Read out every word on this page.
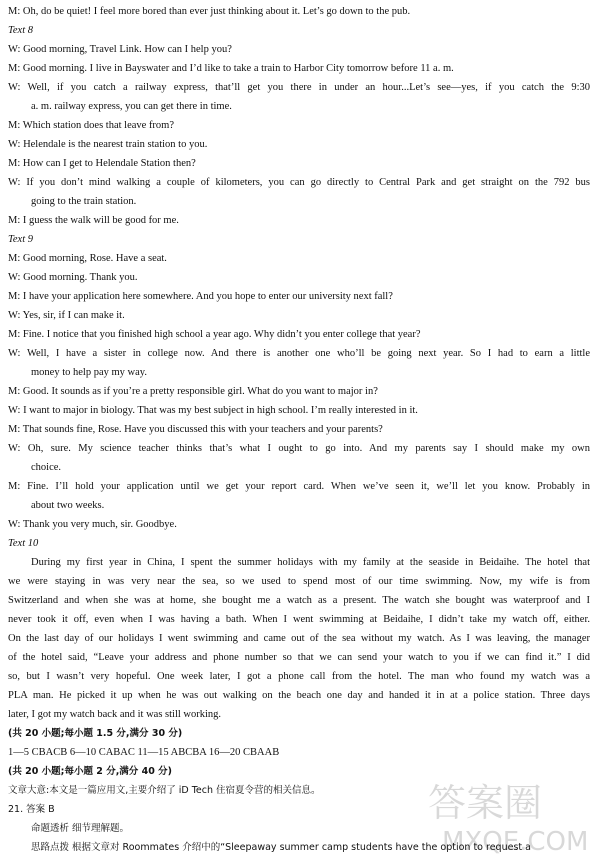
答案圈
MXQE.COM
M: Oh, do be quiet! I feel more bored than ever just thinking about it. Let’s go down to the pub.
Text 8
W: Good morning, Travel Link. How can I help you?
M: Good morning. I live in Bayswater and I’d like to take a train to Harbor City tomorrow before 11 a. m.
W: Well, if you catch a railway express, that’ll get you there in under an hour...Let’s see—yes, if you catch the 9:30
a. m. railway express, you can get there in time.
M: Which station does that leave from?
W: Helendale is the nearest train station to you.
M: How can I get to Helendale Station then?
W: If you don’t mind walking a couple of kilometers, you can go directly to Central Park and get straight on the 792 bus
going to the train station.
M: I guess the walk will be good for me.
Text 9
M: Good morning, Rose. Have a seat.
W: Good morning. Thank you.
M: I have your application here somewhere. And you hope to enter our university next fall?
W: Yes, sir, if I can make it.
M: Fine. I notice that you finished high school a year ago. Why didn’t you enter college that year?
W: Well, I have a sister in college now. And there is another one who’ll be going next year. So I had to earn a little
money to help pay my way.
M: Good. It sounds as if you’re a pretty responsible girl. What do you want to major in?
W: I want to major in biology. That was my best subject in high school. I’m really interested in it.
M: That sounds fine, Rose. Have you discussed this with your teachers and your parents?
W: Oh, sure. My science teacher thinks that’s what I ought to go into. And my parents say I should make my own
choice.
M: Fine. I’ll hold your application until we get your report card. When we’ve seen it, we’ll let you know. Probably in
about two weeks.
W: Thank you very much, sir. Goodbye.
Text 10
During my first year in China, I spent the summer holidays with my family at the seaside in Beidaihe. The hotel that
we were staying in was very near the sea, so we used to spend most of our time swimming. Now, my wife is from
Switzerland and when she was at home, she bought me a watch as a present. The watch she bought was waterproof and I
never took it off, even when I was having a bath. When I went swimming at Beidaihe, I didn’t take my watch off, either.
On the last day of our holidays I went swimming and came out of the sea without my watch. As I was leaving, the manager
of the hotel said, “Leave your address and phone number so that we can send your watch to you if we can find it.” I did
so, but I wasn’t very hopeful. One week later, I got a phone call from the hotel. The man who found my watch was a
PLA man. He picked it up when he was out walking on the beach one day and handed it in at a police station. Three days
later, I got my watch back and it was still working.
(共 20 小题;每小题 1.5 分,满分 30 分)
1—5 CBACB 6—10 CABAC 11—15 ABCBA 16—20 CBAAB
(共 20 小题;每小题 2 分,满分 40 分)
文章大意:本文是一篇应用文,主要介绍了 iD Tech 住宿夏令营的相关信息。
21. 答案 B
命题透析 细节理解题。
思路点拨 根据文章对 Roommates 介绍中的“Sleepaway summer camp students have the option to request a
